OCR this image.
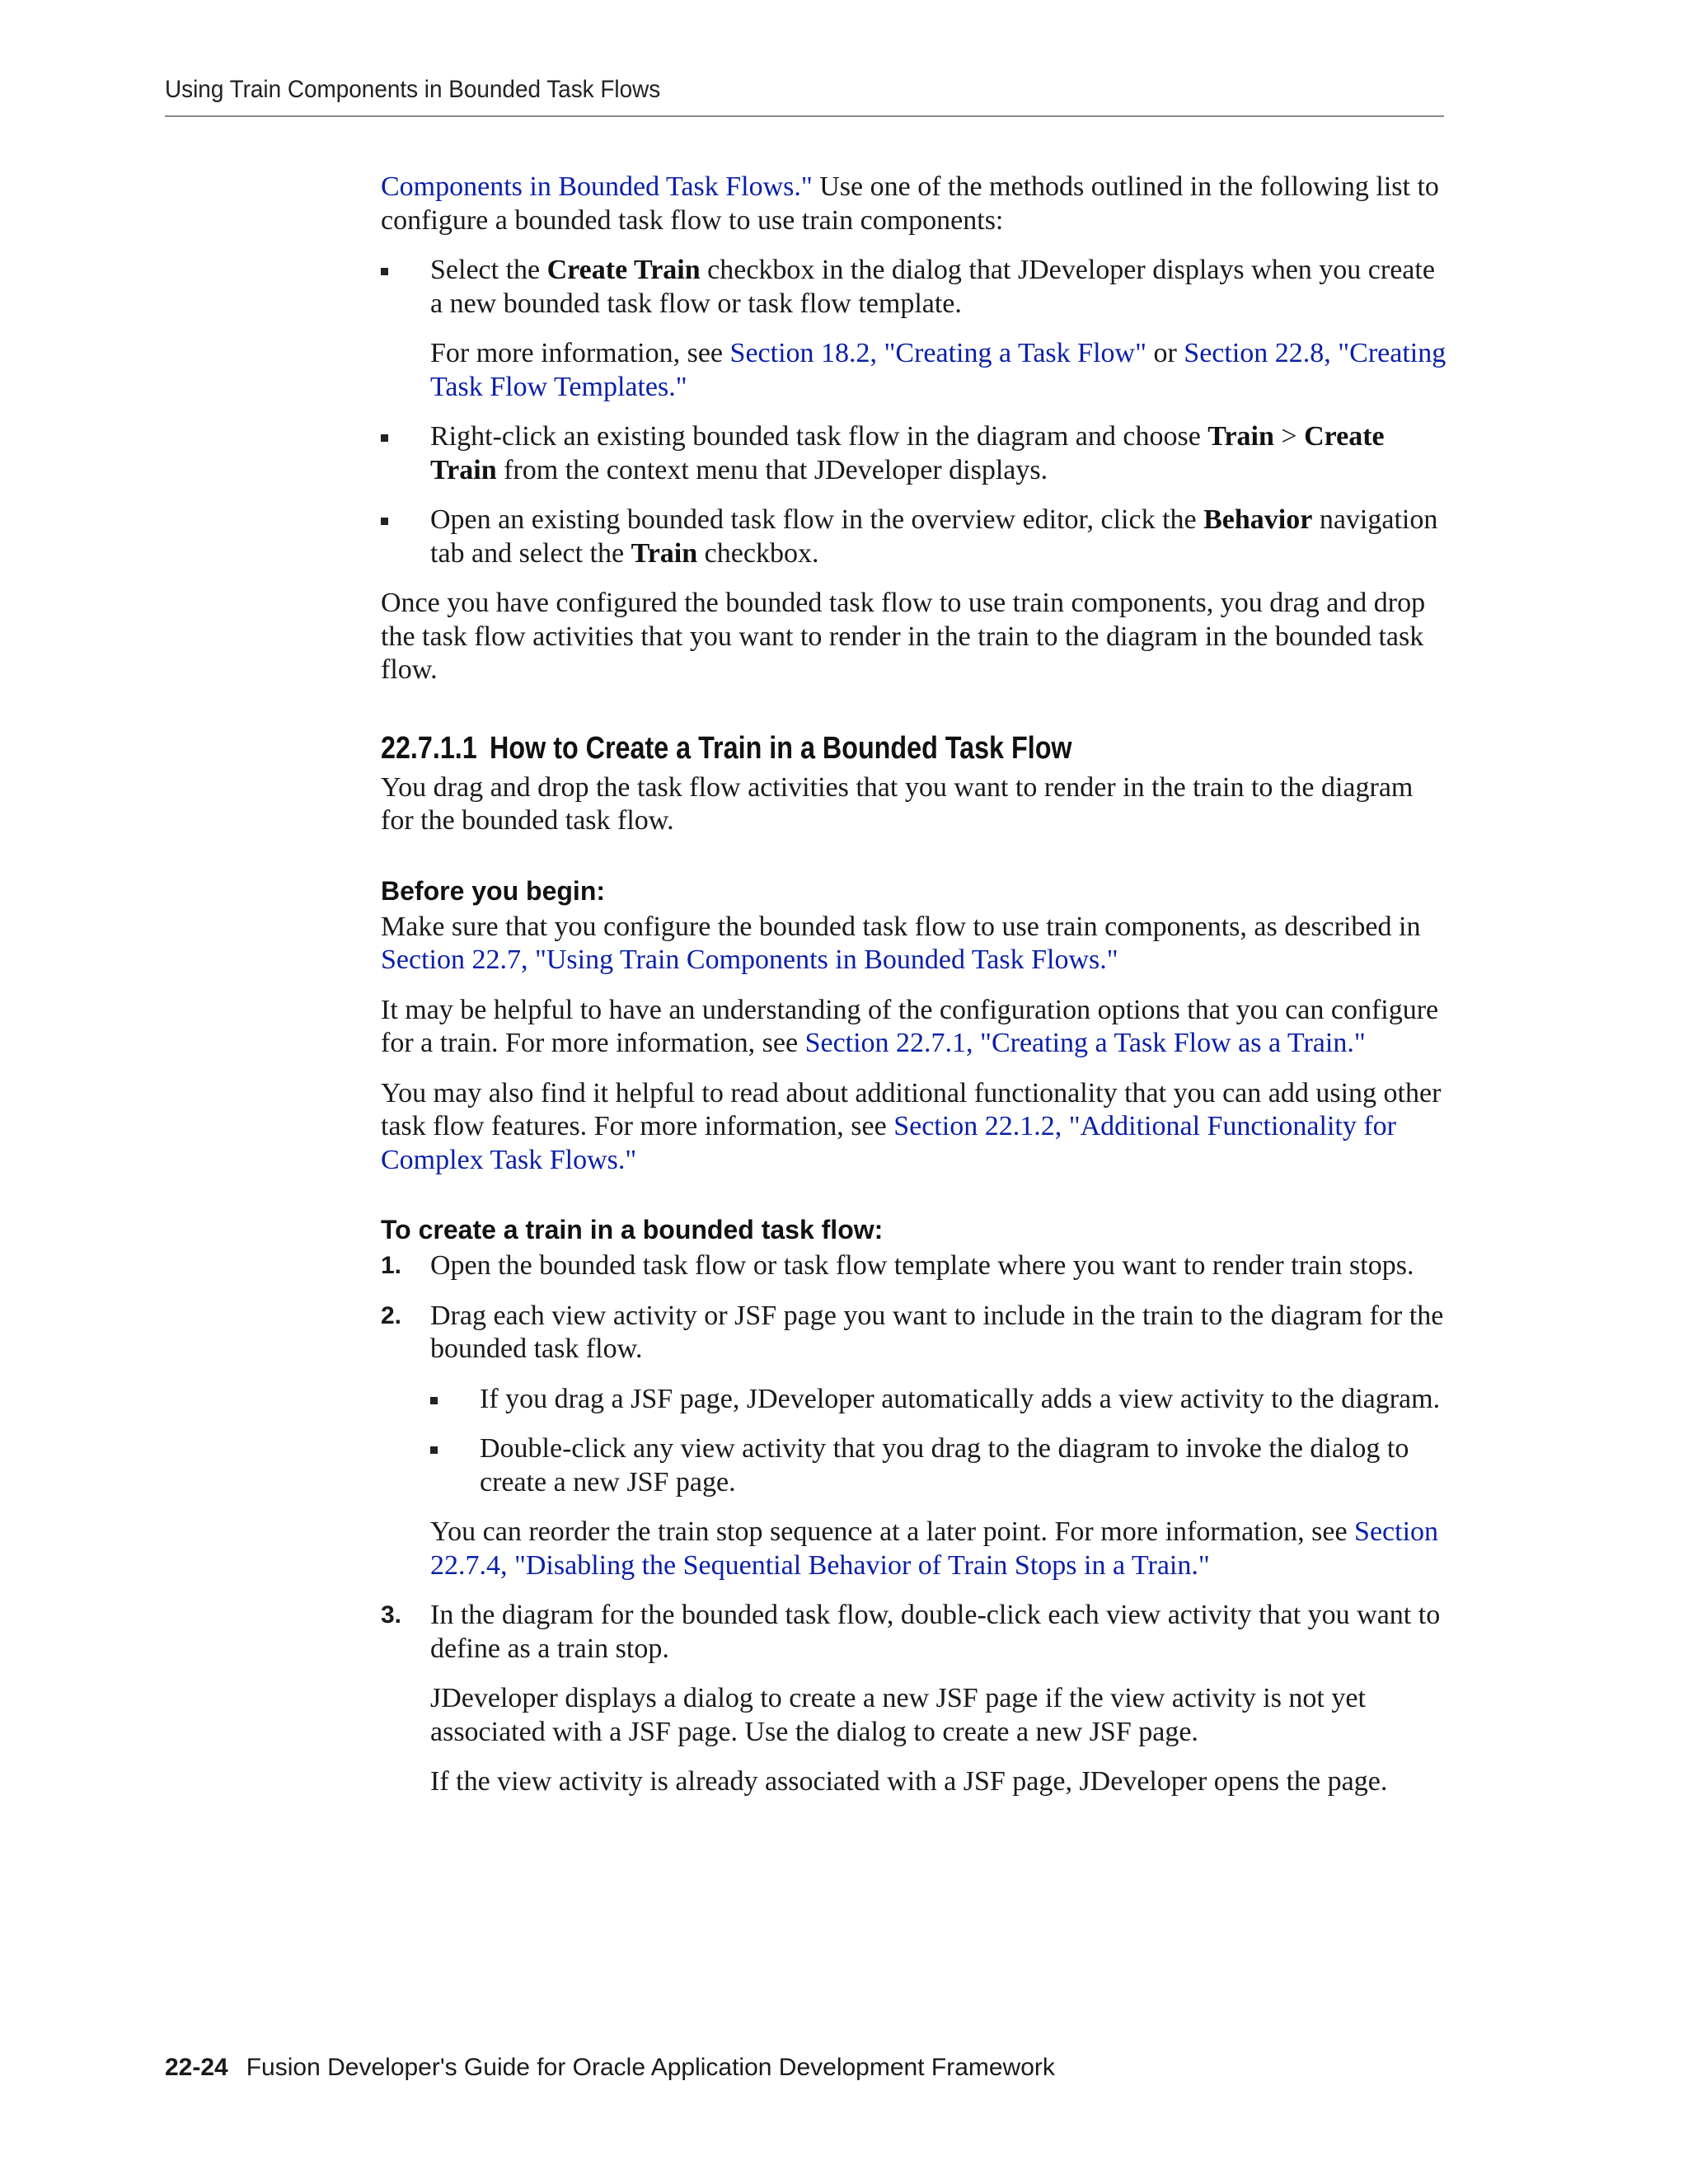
Using Train Components in Bounded Task Flows

Components in Bounded Task Flows." Use one of the methods outlined in the following list to configure a bounded task flow to use train components:

Select the Create Train checkbox in the dialog that JDeveloper displays when you create a new bounded task flow or task flow template.

For more information, see Section 18.2, "Creating a Task Flow" or Section 22.8, "Creating Task Flow Templates."

Right-click an existing bounded task flow in the diagram and choose Train > Create Train from the context menu that JDeveloper displays.
Open an existing bounded task flow in the overview editor, click the Behavior navigation tab and select the Train checkbox.

Once you have configured the bounded task flow to use train components, you drag and drop the task flow activities that you want to render in the train to the diagram in the bounded task flow.

22.7.1.1 How to Create a Train in a Bounded Task Flow

You drag and drop the task flow activities that you want to render in the train to the diagram for the bounded task flow.

Before you begin:

Make sure that you configure the bounded task flow to use train components, as described in Section 22.7, "Using Train Components in Bounded Task Flows."

It may be helpful to have an understanding of the configuration options that you can configure for a train. For more information, see Section 22.7.1, "Creating a Task Flow as a Train."

You may also find it helpful to read about additional functionality that you can add using other task flow features. For more information, see Section 22.1.2, "Additional Functionality for Complex Task Flows."

To create a train in a bounded task flow:
1. Open the bounded task flow or task flow template where you want to render train stops.
2. Drag each view activity or JSF page you want to include in the train to the diagram for the bounded task flow.
If you drag a JSF page, JDeveloper automatically adds a view activity to the diagram.
Double-click any view activity that you drag to the diagram to invoke the dialog to create a new JSF page.

You can reorder the train stop sequence at a later point. For more information, see Section 22.7.4, "Disabling the Sequential Behavior of Train Stops in a Train."

3. In the diagram for the bounded task flow, double-click each view activity that you want to define as a train stop.

JDeveloper displays a dialog to create a new JSF page if the view activity is not yet associated with a JSF page. Use the dialog to create a new JSF page.

If the view activity is already associated with a JSF page, JDeveloper opens the page.

22-24 Fusion Developer's Guide for Oracle Application Development Framework
